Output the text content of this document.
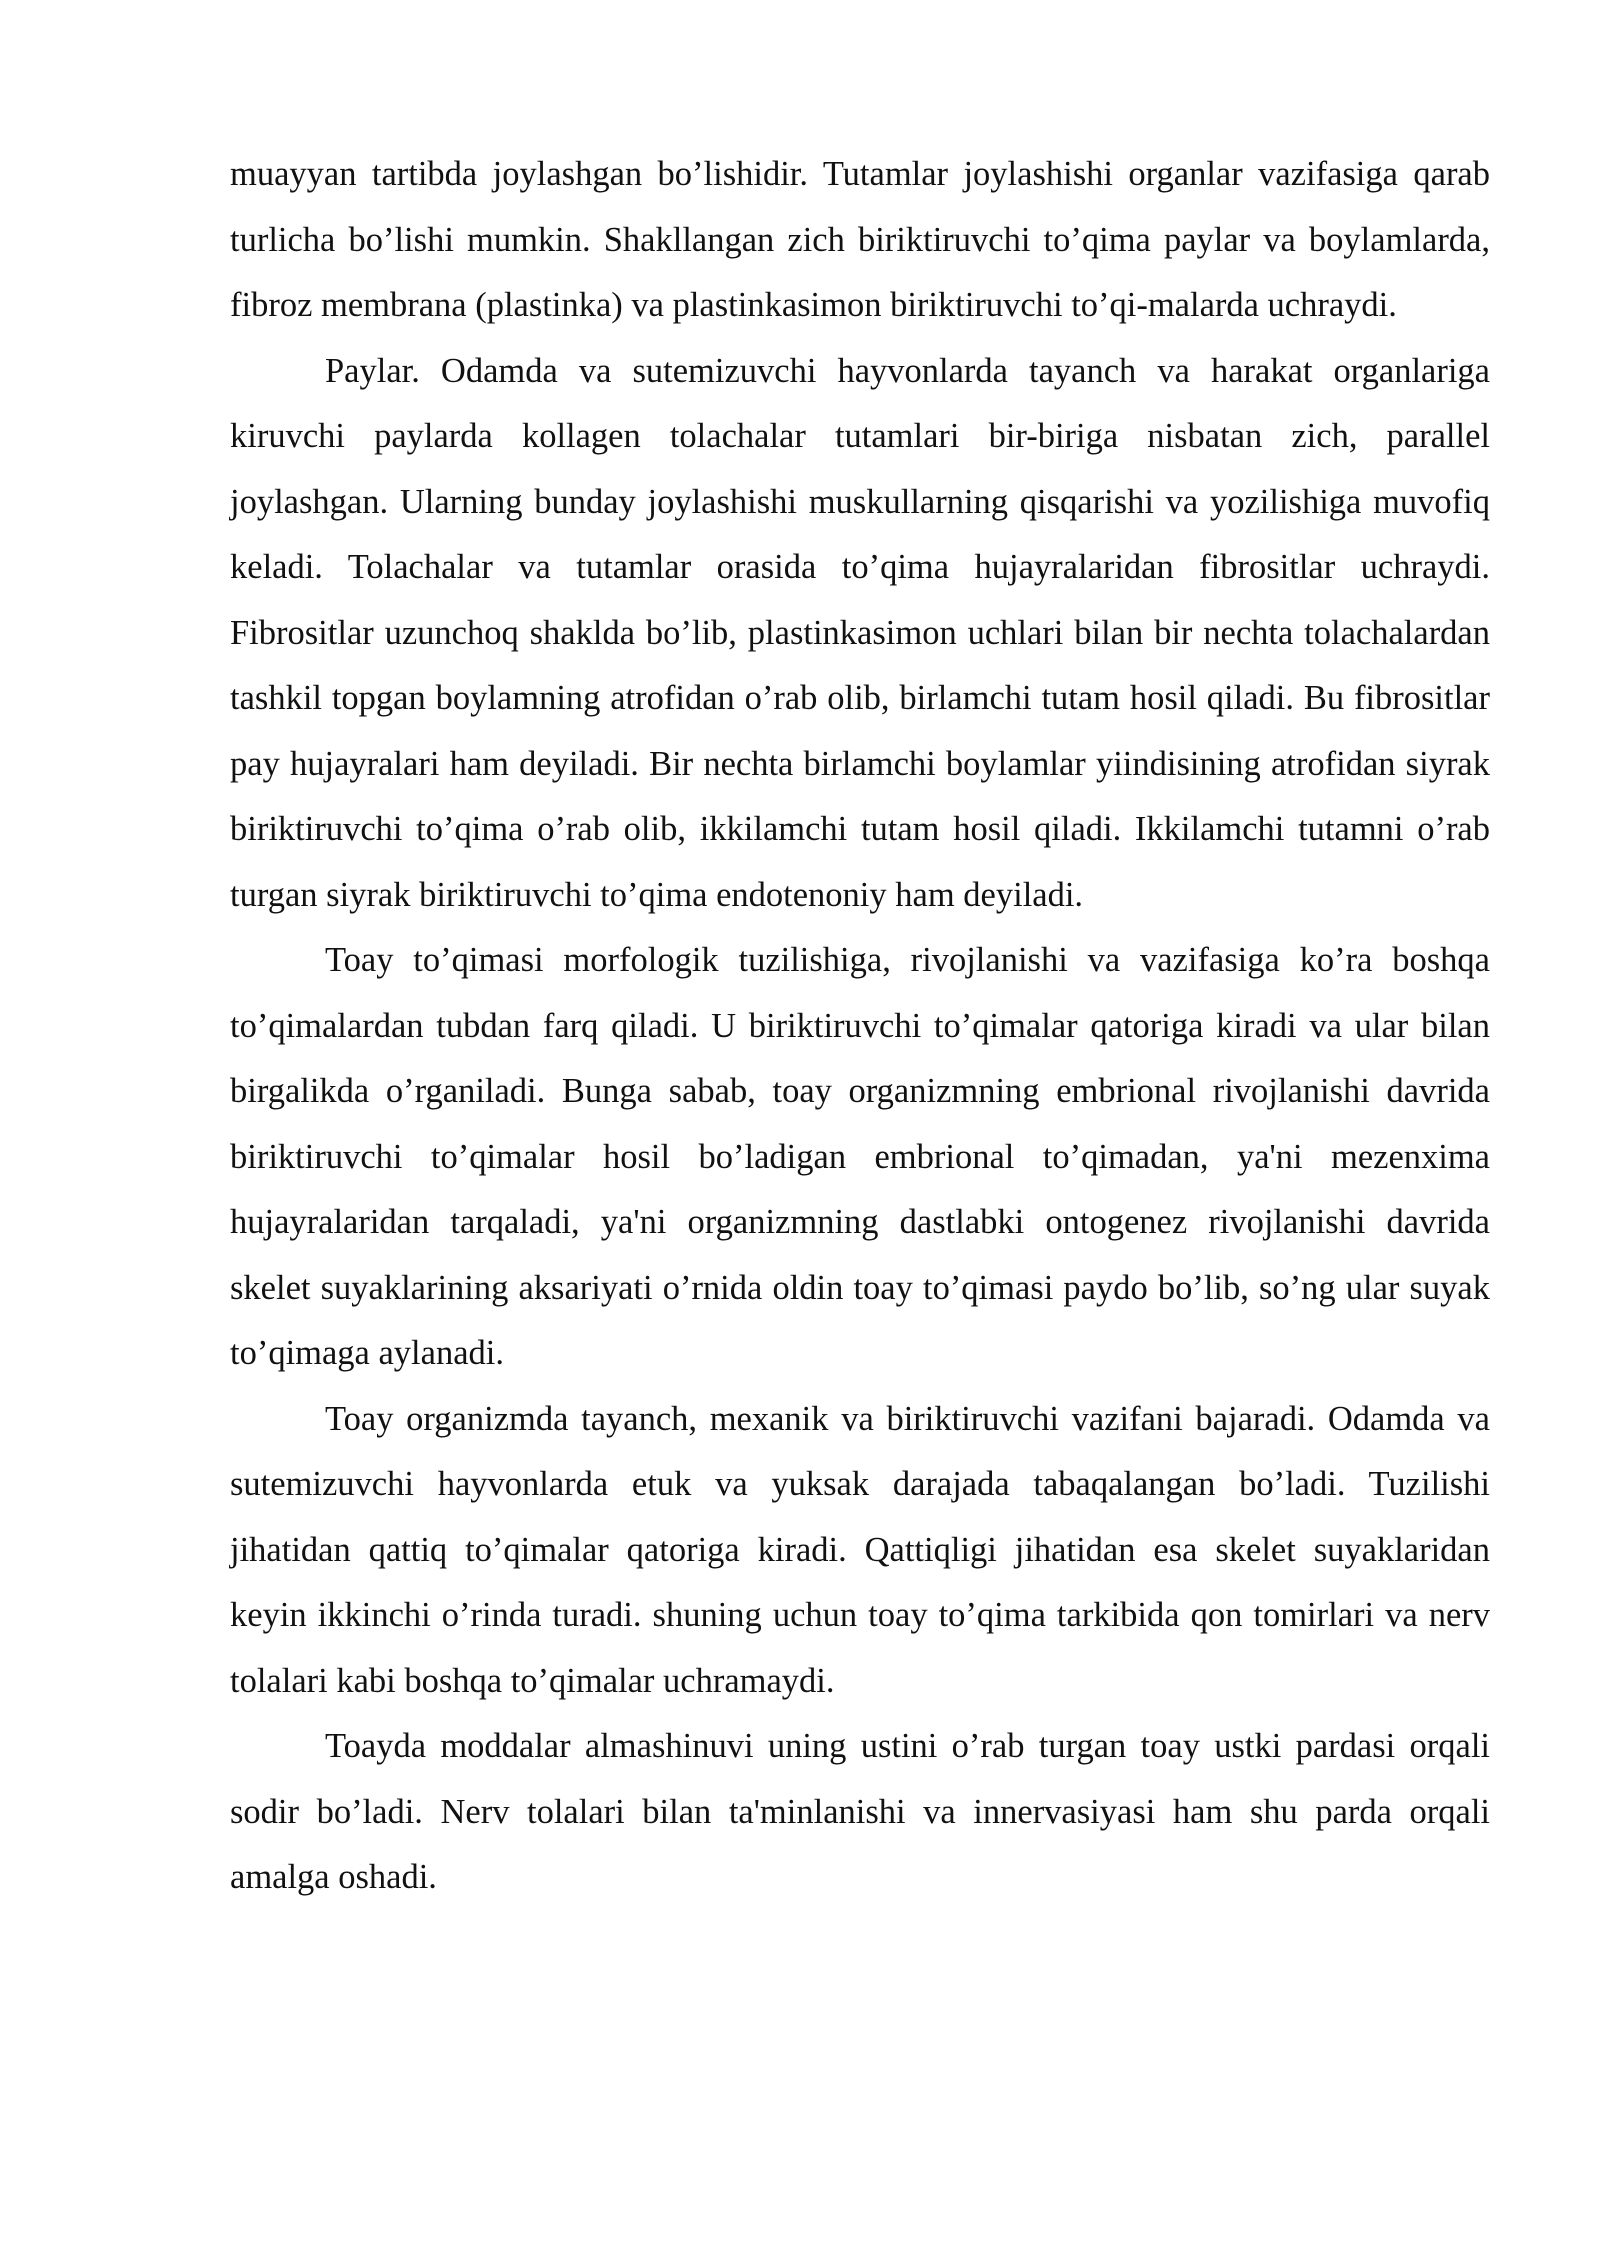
muayyan tartibda joylashgan bo’lishidir. Tutamlar joylashishi organlar vazifasiga qarab turlicha bo’lishi mumkin. Shakllangan zich biriktiruvchi to’qima paylar va boylamlarda, fibroz membrana (plastinka) va plastinkasimon biriktiruvchi to’qi-malarda uchraydi.

Paylar. Odamda va sutemizuvchi hayvonlarda tayanch va harakat organlariga kiruvchi paylarda kollagen tolachalar tutamlari bir-biriga nisbatan zich, parallel joylashgan. Ularning bunday joylashishi muskullarning qisqarishi va yozilishiga muvofiq keladi. Tolachalar va tutamlar orasida to’qima hujayralaridan fibrositlar uchraydi. Fibrositlar uzunchoq shaklda bo’lib, plastinkasimon uchlari bilan bir nechta tolachalardan tashkil topgan boylamning atrofidan o’rab olib, birlamchi tutam hosil qiladi. Bu fibrositlar pay hujayralari ham deyiladi. Bir nechta birlamchi boylamlar yiindisining atrofidan siyrak biriktiruvchi to’qima o’rab olib, ikkilamchi tutam hosil qiladi. Ikkilamchi tutamni o’rab turgan siyrak biriktiruvchi to’qima endotenoniy ham deyiladi.

Toay to’qimasi morfologik tuzilishiga, rivojlanishi va vazifasiga ko’ra boshqa to’qimalardan tubdan farq qiladi. U biriktiruvchi to’qimalar qatoriga kiradi va ular bilan birgalikda o’rganiladi. Bunga sabab, toay organizmning embrional rivojlanishi davrida biriktiruvchi to’qimalar hosil bo’ladigan embrional to’qimadan, ya'ni mezenxima hujayralaridan tarqaladi, ya'ni organizmning dastlabki ontogenez rivojlanishi davrida skelet suyaklarining aksariyati o’rnida oldin toay to’qimasi paydo bo’lib, so’ng ular suyak to’qimaga aylanadi.

Toay organizmda tayanch, mexanik va biriktiruvchi vazifani bajaradi. Odamda va sutemizuvchi hayvonlarda etuk va yuksak darajada tabaqalangan bo’ladi. Tuzilishi jihatidan qattiq to’qimalar qatoriga kiradi. Qattiqligi jihatidan esa skelet suyaklaridan keyin ikkinchi o’rinda turadi. shuning uchun toay to’qima tarkibida qon tomirlari va nerv tolalari kabi boshqa to’qimalar uchramaydi.

Toayda moddalar almashinuvi uning ustini o’rab turgan toay ustki pardasi orqali sodir bo’ladi. Nerv tolalari bilan ta'minlanishi va innervasiyasi ham shu parda orqali amalga oshadi.
